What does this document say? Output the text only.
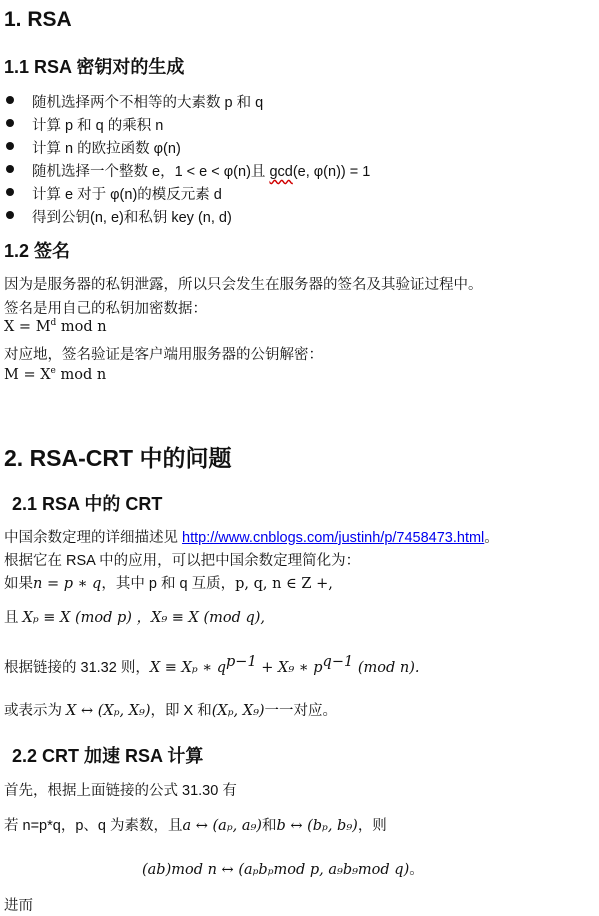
1. RSA
1.1 RSA 密钥对的生成
随机选择两个不相等的大素数 p 和 q
计算 p 和 q 的乘积 n
计算 n 的欧拉函数 φ(n)
随机选择一个整数 e，1 < e < φ(n)且 gcd(e, φ(n)) = 1
计算 e 对于 φ(n)的模反元素 d
得到公钥(n, e)和私钥 key (n, d)
1.2 签名
因为是服务器的私钥泄露，所以只会发生在服务器的签名及其验证过程中。
签名是用自己的私钥加密数据：
$X = M^d$ mod n
对应地，签名验证是客户端用服务器的公钥解密：
$M = X^e$ mod n
2. RSA-CRT 中的问题
2.1 RSA 中的 CRT
中国余数定理的详细描述见 http://www.cnblogs.com/justinh/p/7458473.html。
根据它在 RSA 中的应用，可以把中国余数定理简化为：
如果n = p ∗ q，其中 p 和 q 互质，p, q, n ∈ Z +,
且 Xₚ ≡ X (mod p) ，X₉ ≡ X (mod q),
根据链接的 31.32 则，X ≡ Xₚ ∗ $q^{p-1} + X_9$ ∗ $p^{q-1}$ (mod n).
或表示为 X ↔ (Xₚ, X₉)，即 X 和(Xₚ, X₉)一一对应。
2.2 CRT 加速 RSA 计算
首先，根据上面链接的公式 31.30 有
若 n=p*q，p、q 为素数，且a ↔ (aₚ, a₉)和b ↔ (bₚ, b₉)，则
(ab)mod n ↔ (aₚbₚmod p, a₉b₉mod q)。
进而
